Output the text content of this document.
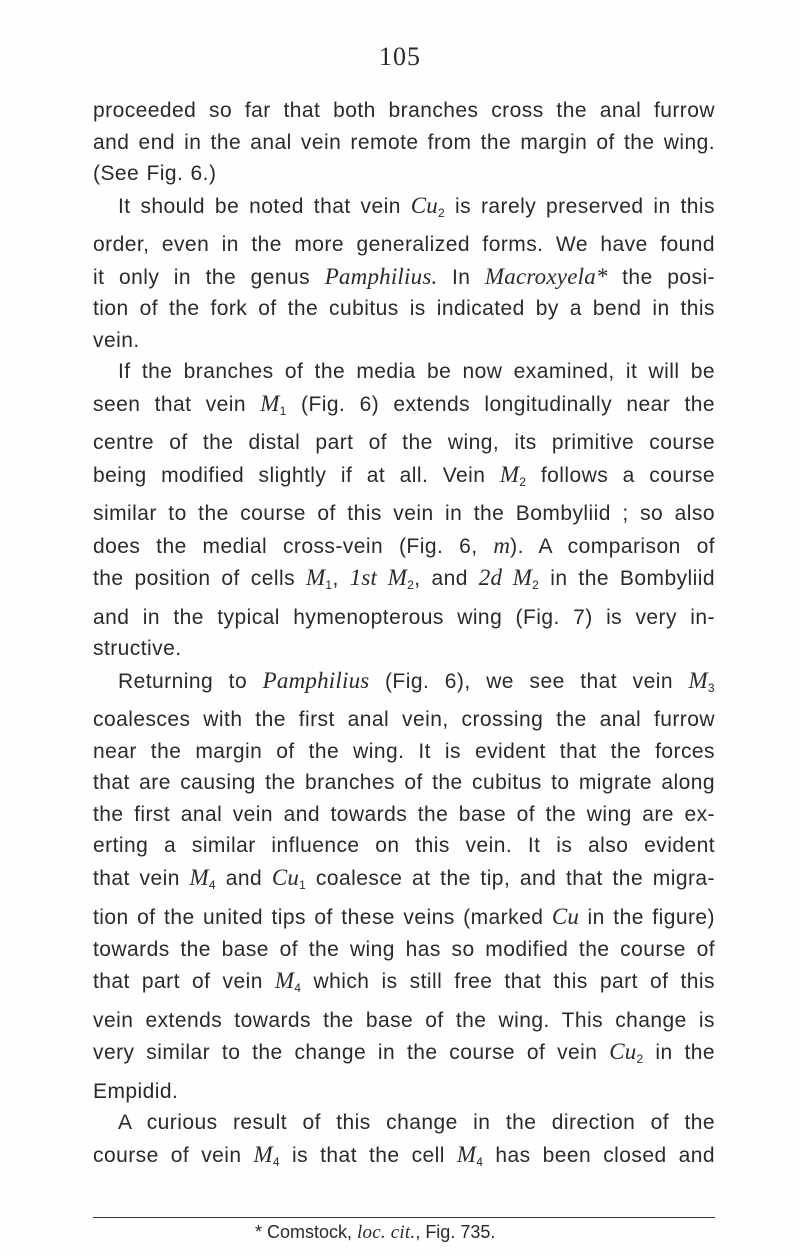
105
proceeded so far that both branches cross the anal furrow
and end in the anal vein remote from the margin of the wing.
(See Fig. 6.)
It should be noted that vein $Cu_2$ is rarely preserved in this
order, even in the more generalized forms. We have found
it only in the genus Pamphilius. In Macroxyela* the posi-
tion of the fork of the cubitus is indicated by a bend in this
vein.
If the branches of the media be now examined, it will be
seen that vein $M_1$ (Fig. 6) extends longitudinally near the
centre of the distal part of the wing, its primitive course
being modified slightly if at all. Vein $M_2$ follows a course
similar to the course of this vein in the Bombyliid ; so also
does the medial cross-vein (Fig. 6, m). A comparison of
the position of cells $M_1$, 1st $M_2$, and 2d $M_2$ in the Bombyliid
and in the typical hymenopterous wing (Fig. 7) is very in-
structive.
Returning to Pamphilius (Fig. 6), we see that vein $M_3$
coalesces with the first anal vein, crossing the anal furrow
near the margin of the wing. It is evident that the forces
that are causing the branches of the cubitus to migrate along
the first anal vein and towards the base of the wing are ex-
erting a similar influence on this vein. It is also evident
that vein $M_4$ and $Cu_1$ coalesce at the tip, and that the migra-
tion of the united tips of these veins (marked Cu in the figure)
towards the base of the wing has so modified the course of
that part of vein $M_4$ which is still free that this part of this
vein extends towards the base of the wing. This change is
very similar to the change in the course of vein $Cu_2$ in the
Empidid.
A curious result of this change in the direction of the
course of vein $M_4$ is that the cell $M_4$ has been closed and
* Comstock, loc. cit., Fig. 735.
